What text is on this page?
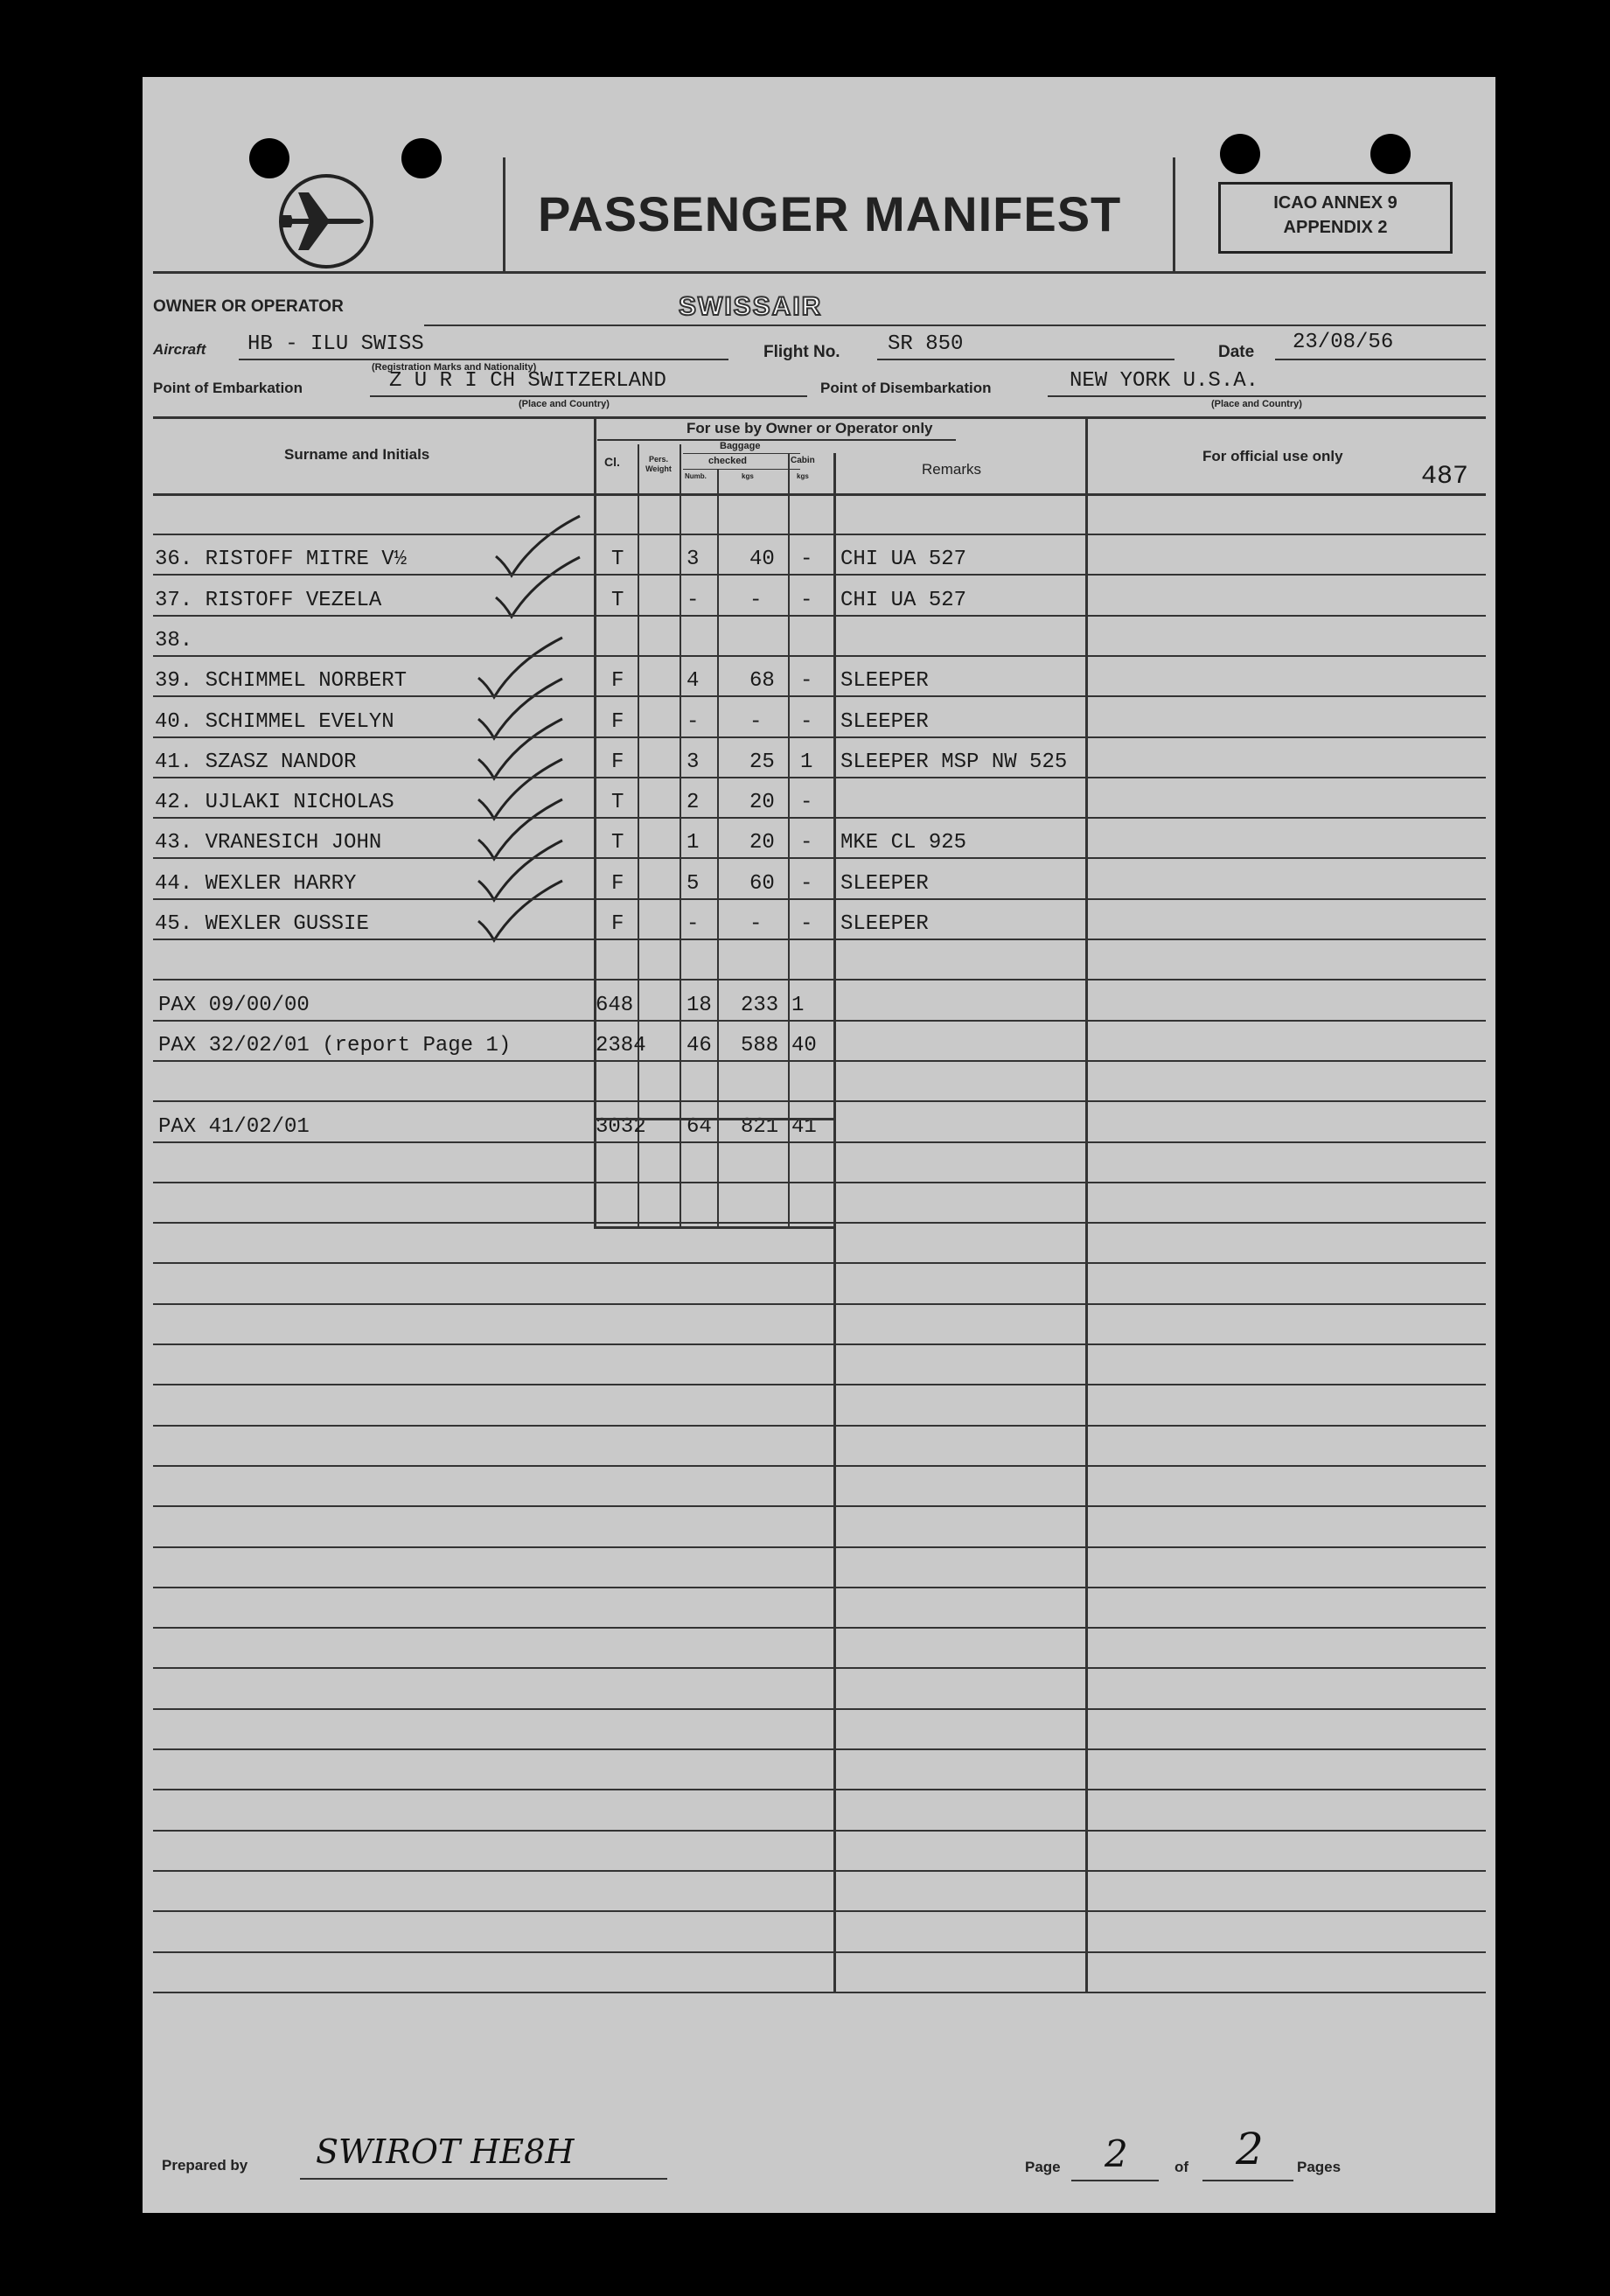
PASSENGER MANIFEST	ICAO ANNEX 9
APPENDIX 2
OWNER OR OPERATOR	SWISSAIR
Aircraft HB - ILU SWISS
(Registration Marks and Nationality)
Flight No. SR 850	Date 23/08/56
Point of Embarkation	Z U R I CH SWITZERLAND
(Place and Country)
Point of Disembarkation	NEW YORK U.S.A.
(Place and Country)
Surname and Initials
For use by Owner or Operator only
Cl.	Pers. Weight
Baggage
checked	Cabin
Numb.	kgs	kgs	Remarks
For official use only
487
36. RISTOFF MITRE V½	T	3 40 - CHI UA 527
37. RISTOFF VEZELA	T	- - - CHI UA 527
38.
39. SCHIMMEL NORBERT	F	4 68 - SLEEPER
40. SCHIMMEL EVELYN	F	- - - SLEEPER
41. SZASZ NANDOR	F	3 25 1 SLEEPER MSP NW 525
42. UJLAKI NICHOLAS	T	2 20 -
43. VRANESICH JOHN	T	1 20 - MKE CL 925
44. WEXLER HARRY	F	5 60 - SLEEPER
45. WEXLER GUSSIE	F	- - - SLEEPER
PAX 09/00/00	648	18 233 1
PAX 32/02/01 (report Page 1)	2384 46 588 40
PAX 41/02/01	3032 64 821 41
Prepared by SWIROT HE8H	Page 2	of 2 Pages
